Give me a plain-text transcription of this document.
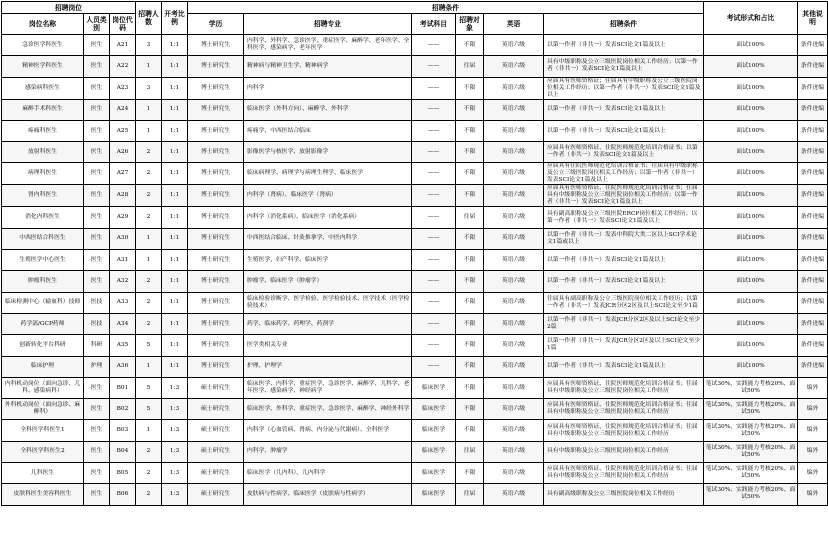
招聘岗位			招聘人数	开考比例	招聘条件						考试形式和占比	其他说明
岗位名称	人员类别	岗位代码			学历	招聘专业	考试科目	招聘对象	英语	招聘条件		
急诊医学科医生	医生	A21	3	1:1	博士研究生	内科学、外科学、急诊医学、重症医学、麻醉学、老年医学、全科医学、感染病学、老年医学	——	不限	英语六级	以第一作者（非共一）发表SCI论文1篇及以上	面试100%	条件迸编
精神医学科医生	医生	A22	1	1:1	博士研究生	精神病与精神卫生学、精神病学	——	往届	英语六级	具有中级职称及公立三级医院岗位相关工作经历；以第一作者（非共一）发表SCI论文1篇及以上	面试100%	条件迸编
感染病科医生	医生	A23	3	1:1	博士研究生	内科学	——	不限	英语六级	应届具有医师资格证；往届具有中级职称及公立三级医院岗位相关工作经历；以第一作者（非共一）发表SCI论文1篇及以上	面试100%	条件迸编
麻醉手术科医生	医生	A24	1	1:1	博士研究生	临床医学（外科方向）、麻醉学、外科学	——	不限	英语六级	以第一作者（非共一）发表SCI论文1篇及以上	面试100%	条件迸编
疼痛科医生	医生	A25	1	1:1	博士研究生	疼痛学、中西医结合临床	——	不限	英语六级	以第一作者（非共一）发表SCI论文1篇及以上	面试100%	条件迸编
放射科医生	医生	A26	2	1:1	博士研究生	影像医学与核医学、放射影像学	——	不限	英语六级	应届具有医师资格证、住院医师规范化培训合格证书；以第一作者（非共一）发表SCI论文1篇及以上	面试100%	条件迸编
病理科医生	医生	A27	2	1:1	博士研究生	临床病理学、病理学与病理生理学、临床医学	——	不限	英语六级	应届具有住院医师规范化培训合格证书；往届具有中级职称及公立三级医院岗位相关工作经历；以第一作者（非共一）发表SCI论文1篇及以上	面试100%	条件迸编
肾内科医生	医生	A28	2	1:1	博士研究生	内科学（肾病）、临床医学（肾病）	——	不限	英语六级	应届具有医师资格证、住院医师规范化培训合格证书；往届具有中级职称及公立三级医院岗位相关工作经历；以第一作者（非共一）发表SCI论文1篇及以上	面试100%	条件迸编
消化内科医生	医生	A29	2	1:1	博士研究生	内科学（消化系病）、临床医学（消化系病）	——	往届	英语六级	具有副高职称及公立三级医院ERCP岗位相关工作经历；以第一作者（非共一）发表SCI论文1篇及以上	面试100%	条件迸编
中西医结合科医生	医生	A30	1	1:1	博士研究生	中西医结合临床、针灸推拿学、中医内科学	——	不限	英语六级	以第一作者（非共一）发表中科院大类二区以上SCI学术论文1篇或以上	面试100%	条件迸编
生殖医学中心医生	医生	A31	1	1:1	博士研究生	生殖医学、妇产科学、临床医学	——	不限	英语六级	以第一作者（非共一）发表SCI论文1篇及以上	面试100%	条件迸编
肿瘤科医生	医生	A32	2	1:1	博士研究生	肿瘤学、临床医学（肿瘤学）	——	不限	英语六级	以第一作者（非共一）发表SCI论文1篇及以上	面试100%	条件迸编
临床检测中心（输血科）技师	医技	A33	2	1:1	博士研究生	临床检验诊断学、医学检验、医学检验技术、医学技术（医学检验技术）	——	不限	英语六级	往届具有副高职称及公立三级医院岗位相关工作经历；以第一作者（非共一）发表JCR分区2区及以上SCI论文至少1篇	面试100%	条件迸编
药学部/GCP药师	医技	A34	2	1:1	博士研究生	药学、临床药学、药理学、药剂学	——	不限	英语六级	以第一作者（非共一）发表JCR分区2区及以上SCI论文至少2篇	面试100%	条件迸编
创新转化平台科研	科研	A35	5	1:1	博士研究生	医学类相关专业	——	不限	英语六级	以第一作者（非共一）发表JCR分区2区及以上SCI论文至少1篇	面试100%	条件迸编
临床护理	护理	A36	1	1:1	博士研究生	护理、护理学	——	不限	英语六级	以第一作者（非共一）发表SCI论文1篇及以上	面试100%	条件迸编
内科机动岗位（面向急诊、儿科、感染病科）	医生	B01	5	1:3	硕士研究生	临床医学、内科学、重症医学、急诊医学、麻醉学、儿科学、老年医学、感染病学、神经病学	临床医学	不限	英语六级	应届具有医师资格证、住院医师规范化培训合格证书；往届具有中级职称及公立三级医院岗位相关工作经历	笔试30%、实践能力考核20%、面试50%	编外
外科机动岗位（面向急诊、麻醉科）	医生	B02	5	1:3	硕士研究生	临床医学、外科学、重症医学、急诊医学、麻醉学、神经外科学	临床医学	不限	英语六级	应届具有医师资格证、住院医师规范化培训合格证书；往届具有中级职称及公立三级医院岗位相关工作经历	笔试30%、实践能力考核20%、面试50%	编外
全科医学科医生1	医生	B03	1	1:3	硕士研究生	内科学（心血管病、肾病、内分泌与代谢病）、全科医学	临床医学	不限	英语六级	应届具有医师资格证、住院医师规范化培训合格证书；往届具有中级职称及公立三级医院岗位相关工作经历	笔试30%、实践能力考核20%、面试50%	编外
全科医学科医生2	医生	B04	2	1:3	硕士研究生	内科学、肿瘤学	临床医学	往届	英语六级	具有中级职称及公立三级医院岗位相关工作经历	笔试30%、实践能力考核20%、面试50%	编外
儿科医生	医生	B05	2	1:3	硕士研究生	临床医学（儿内科）、儿内科学	临床医学	不限	英语六级	应届具有医师资格证、住院医师规范化培训合格证书；往届具有中级职称及公立三级医院岗位相关工作经历	笔试30%、实践能力考核20%、面试50%	编外
皮肤科医生美容科医生	医生	B06	2	1:3	硕士研究生	皮肤病与性病学、临床医学（皮肤病与性病学）	临床医学	往届	英语六级	具有副高级职称及公立三级医院岗位相关工作经历	笔试30%、实践能力考核20%、面试50%	编外
